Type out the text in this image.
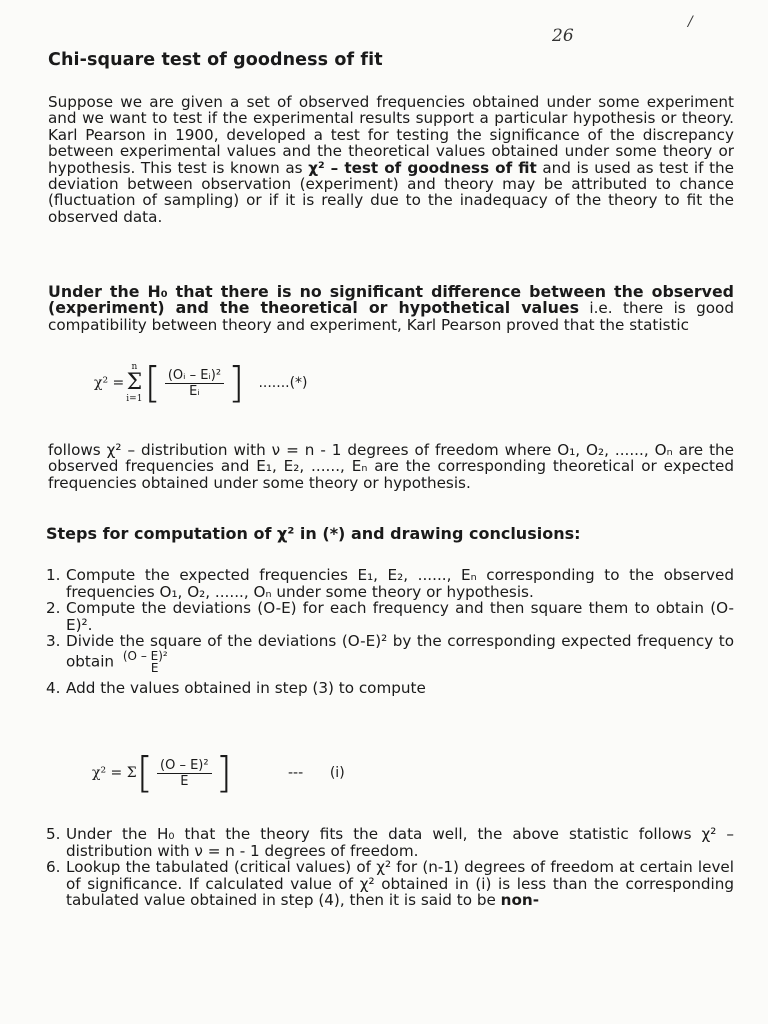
26
/
Chi-square test of goodness of fit
Suppose we are given a set of observed frequencies obtained under some experiment and we want to test if the experimental results support a particular hypothesis or theory. Karl Pearson in 1900, developed a test for testing the significance of the discrepancy between experimental values and the theoretical values obtained under some theory or hypothesis. This test is known as χ² – test of goodness of fit and is used as test if the deviation between observation (experiment) and theory may be attributed to chance (fluctuation of sampling) or if it is really due to the inadequacy of the theory to fit the observed data.
Under the H₀ that there is no significant difference between the observed (experiment) and the theoretical or hypothetical values i.e. there is good compatibility between theory and experiment, Karl Pearson proved that the statistic
χ² =
n
Σ
i=1 [ $\frac{\text{(Oᵢ – Eᵢ)²}}{\text{Eᵢ}}$ ] .......(*)
follows χ² – distribution with ν = n - 1 degrees of freedom where O₁, O₂, ......, Oₙ are the observed frequencies and E₁, E₂, ......, Eₙ are the corresponding theoretical or expected frequencies obtained under some theory or hypothesis.
Steps for computation of χ² in (*) and drawing conclusions:
1. Compute the expected frequencies E₁, E₂, ......, Eₙ corresponding to the observed frequencies O₁, O₂, ......, Oₙ under some theory or hypothesis.
2. Compute the deviations (O-E) for each frequency and then square them to obtain (O-E)².
3. Divide the square of the deviations (O-E)² by the corresponding expected frequency to obtain (O – E)²
E
4. Add the values obtained in step (3) to compute
χ² = Σ [ $\frac{\text{(O – E)²}}{E}$ ]	---      (i)
5. Under the H₀ that the theory fits the data well, the above statistic follows χ² – distribution with ν = n - 1 degrees of freedom.
6. Lookup the tabulated (critical values) of χ² for (n-1) degrees of freedom at certain level of significance. If calculated value of χ² obtained in (i) is less than the corresponding tabulated value obtained in step (4), then it is said to be non-
